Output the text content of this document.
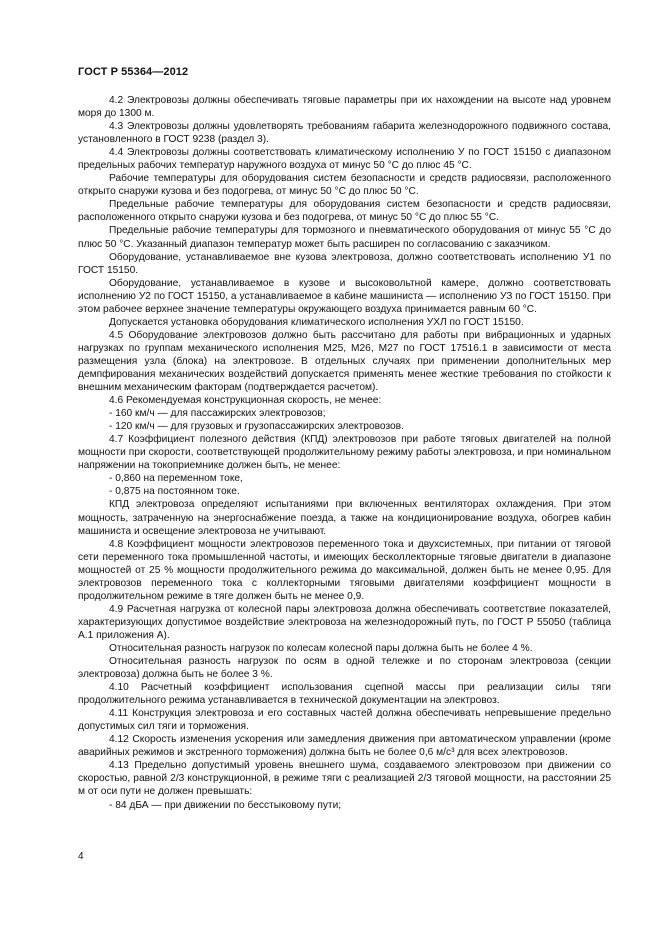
ГОСТ Р 55364—2012

4.2 Электровозы должны обеспечивать тяговые параметры при их нахождении на высоте над уровнем моря до 1300 м.

4.3 Электровозы должны удовлетворять требованиям габарита железнодорожного подвижного состава, установленного в ГОСТ 9238 (раздел 3).

4.4 Электровозы должны соответствовать климатическому исполнению У по ГОСТ 15150 с диапазоном предельных рабочих температур наружного воздуха от минус 50 °C до плюс 45 °C.

Рабочие температуры для оборудования систем безопасности и средств радиосвязи, расположенного открыто снаружи кузова и без подогрева, от минус 50 °C до плюс 50 °C.

Предельные рабочие температуры для оборудования систем безопасности и средств радиосвязи, расположенного открыто снаружи кузова и без подогрева, от минус 50 °C до плюс 55 °C.

Предельные рабочие температуры для тормозного и пневматического оборудования от минус 55 °C до плюс 50 °C. Указанный диапазон температур может быть расширен по согласованию с заказчиком.

Оборудование, устанавливаемое вне кузова электровоза, должно соответствовать исполнению У1 по ГОСТ 15150.

Оборудование, устанавливаемое в кузове и высоковольтной камере, должно соответствовать исполнению У2 по ГОСТ 15150, а устанавливаемое в кабине машиниста — исполнению УЗ по ГОСТ 15150. При этом рабочее верхнее значение температуры окружающего воздуха принимается равным 60 °C.

Допускается установка оборудования климатического исполнения УХЛ по ГОСТ 15150.

4.5 Оборудование электровозов должно быть рассчитано для работы при вибрационных и ударных нагрузках по группам механического исполнения М25, М26, М27 по ГОСТ 17516.1 в зависимости от места размещения узла (блока) на электровозе. В отдельных случаях при применении дополнительных мер демпфирования механических воздействий допускается применять менее жесткие требования по стойкости к внешним механическим факторам (подтверждается расчетом).

4.6 Рекомендуемая конструкционная скорость, не менее:

- 160 км/ч — для пассажирских электровозов;

- 120 км/ч — для грузовых и грузопассажирских электровозов.

4.7 Коэффициент полезного действия (КПД) электровозов при работе тяговых двигателей на полной мощности при скорости, соответствующей продолжительному режиму работы электровоза, и при номинальном напряжении на токоприемнике должен быть, не менее:

- 0,860 на переменном токе,

- 0,875 на постоянном токе.

КПД электровоза определяют испытаниями при включенных вентиляторах охлаждения. При этом мощность, затраченную на энергоснабжение поезда, а также на кондиционирование воздуха, обогрев кабин машиниста и освещение электровоза не учитывают.

4.8 Коэффициент мощности электровозов переменного тока и двухсистемных, при питании от тяговой сети переменного тока промышленной частоты, и имеющих бесколлекторные тяговые двигатели в диапазоне мощностей от 25 % мощности продолжительного режима до максимальной, должен быть не менее 0,95. Для электровозов переменного тока с коллекторными тяговыми двигателями коэффициент мощности в продолжительном режиме в тяге должен быть не менее 0,9.

4.9 Расчетная нагрузка от колесной пары электровоза должна обеспечивать соответствие показателей, характеризующих допустимое воздействие электровоза на железнодорожный путь, по ГОСТ Р 55050 (таблица А.1 приложения А).

Относительная разность нагрузок по колесам колесной пары должна быть не более 4 %.

Относительная разность нагрузок по осям в одной тележке и по сторонам электровоза (секции электровоза) должна быть не более 3 %.

4.10 Расчетный коэффициент использования сцепной массы при реализации силы тяги продолжительного режима устанавливается в технической документации на электровоз.

4.11 Конструкция электровоза и его составных частей должна обеспечивать непревышение предельно допустимых сил тяги и торможения.

4.12 Скорость изменения ускорения или замедления движения при автоматическом управлении (кроме аварийных режимов и экстренного торможения) должна быть не более 0,6 м/с³ для всех электровозов.

4.13 Предельно допустимый уровень внешнего шума, создаваемого электровозом при движении со скоростью, равной 2/3 конструкционной, в режиме тяги с реализацией 2/3 тяговой мощности, на расстоянии 25 м от оси пути не должен превышать:

- 84 дБА — при движении по бесстыковому пути;

4
